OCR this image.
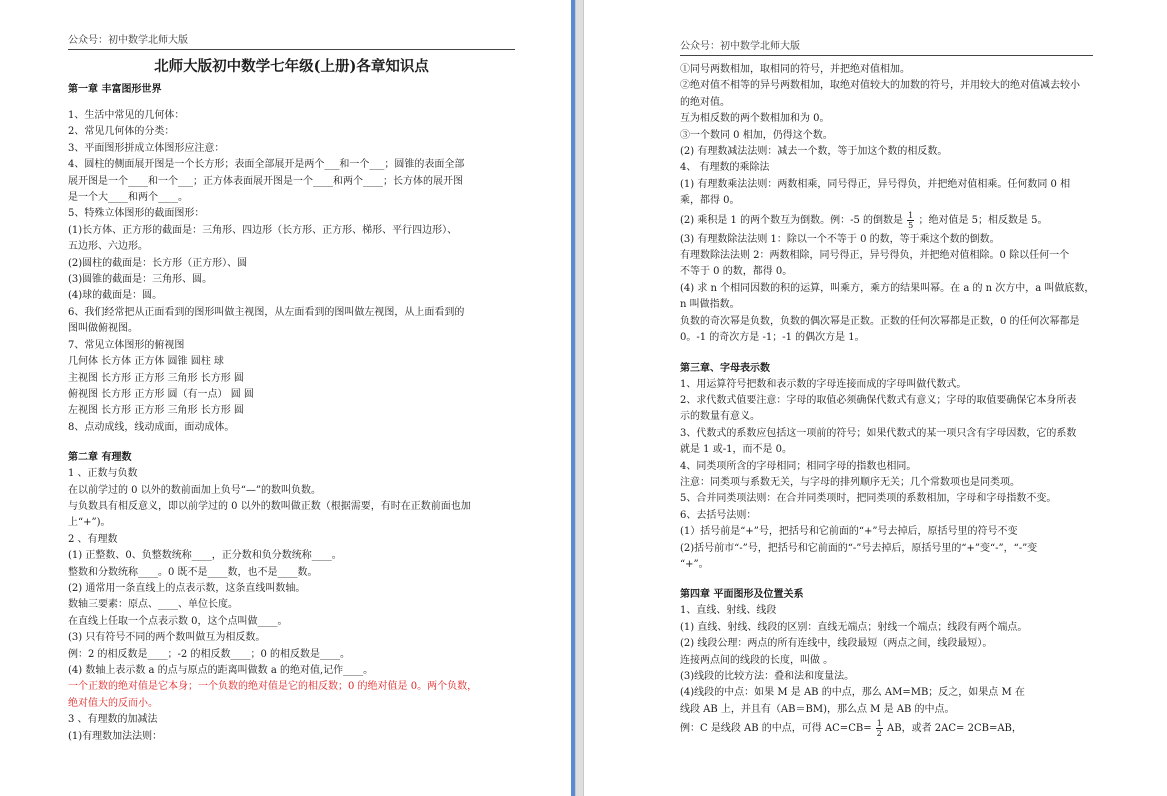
公众号：初中数学北师大版
北师大版初中数学七年级(上册)各章知识点
第一章 丰富图形世界
1、生活中常见的几何体：
2、常见几何体的分类：
3、平面图形拼成立体图形应注意：
4、圆柱的侧面展开图是一个长方形；表面全部展开是两个___和一个___；圆锥的表面全部
展开图是一个____和一个___；正方体表面展开图是一个____和两个____；长方体的展开图
是一个大____和两个____。
5、特殊立体图形的截面图形：
(1)长方体、正方形的截面是：三角形、四边形（长方形、正方形、梯形、平行四边形）、
五边形、六边形。
(2)圆柱的截面是：长方形（正方形）、圆
(3)圆锥的截面是：三角形、圆。
(4)球的截面是：圆。
6、我们经常把从正面看到的图形叫做主视图，从左面看到的图叫做左视图，从上面看到的
图叫做俯视图。
7、常见立体图形的俯视图
几何体 长方体 正方体 圆锥 圆柱 球
主视图 长方形 正方形 三角形 长方形 圆
俯视图 长方形 正方形 圆（有一点） 圆 圆
左视图 长方形 正方形 三角形 长方形 圆
8、点动成线，线动成面，面动成体。
第二章 有理数
1 、正数与负数
在以前学过的 0 以外的数前面加上负号“—”的数叫负数。
与负数具有相反意义，即以前学过的 0 以外的数叫做正数（根据需要，有时在正数前面也加
上“+”)。
2 、有理数
(1) 正整数、0、负整数统称____，正分数和负分数统称____。
整数和分数统称____。0 既不是____数，也不是____数。
(2) 通常用一条直线上的点表示数，这条直线叫数轴。
数轴三要素：原点、____、单位长度。
在直线上任取一个点表示数 0，这个点叫做____。
(3) 只有符号不同的两个数叫做互为相反数。
例：2 的相反数是____；-2 的相反数____；0 的相反数是____。
(4) 数轴上表示数 a 的点与原点的距离叫做数 a 的绝对值,记作____。
一个正数的绝对值是它本身；一个负数的绝对值是它的相反数；0 的绝对值是 0。两个负数，
绝对值大的反而小。
3 、有理数的加减法
(1)有理数加法法则：
公众号：初中数学北师大版
①同号两数相加，取相同的符号，并把绝对值相加。
②绝对值不相等的异号两数相加，取绝对值较大的加数的符号，并用较大的绝对值减去较小
的绝对值。
互为相反数的两个数相加和为 0。
③一个数同 0 相加，仍得这个数。
(2) 有理数减法法则：减去一个数，等于加这个数的相反数。
4、 有理数的乘除法
(1) 有理数乘法法则：两数相乘，同号得正，异号得负，并把绝对值相乘。任何数同 0 相
乘，都得 0。
(2) 乘积是 1 的两个数互为倒数。例：-5 的倒数是 $\frac{1}{5}$ ；绝对值是 5；相反数是 5。
(3) 有理数除法法则 1：除以一个不等于 0 的数，等于乘这个数的倒数。
有理数除法法则 2：两数相除，同号得正，异号得负，并把绝对值相除。0 除以任何一个
不等于 0 的数，都得 0。
(4) 求 n 个相同因数的积的运算，叫乘方，乘方的结果叫幂。在 a 的 n 次方中，a 叫做底数，
n 叫做指数。
负数的奇次幂是负数，负数的偶次幂是正数。正数的任何次幂都是正数，0 的任何次幂都是
0。-1 的奇次方是 -1；-1 的偶次方是 1。
第三章、字母表示数
1、用运算符号把数和表示数的字母连接而成的字母叫做代数式。
2、求代数式值要注意：字母的取值必须确保代数式有意义；字母的取值要确保它本身所表
示的数量有意义。
3、代数式的系数应包括这一项前的符号；如果代数式的某一项只含有字母因数，它的系数
就是 1 或-1，而不是 0。
4、同类项所含的字母相同；相同字母的指数也相同。
注意：同类项与系数无关，与字母的排列顺序无关；几个常数项也是同类项。
5、合并同类项法则：在合并同类项时，把同类项的系数相加，字母和字母指数不变。
6、去括号法则：
(1）括号前是“+”号，把括号和它前面的“+”号去掉后，原括号里的符号不变
(2)括号前市“-”号，把括号和它前面的“-”号去掉后，原括号里的“+”变“-”，“-”变
“+”。
第四章 平面图形及位置关系
1、直线、射线、线段
(1) 直线、射线、线段的区别：直线无端点；射线一个端点；线段有两个端点。
(2) 线段公理：两点的所有连线中，线段最短（两点之间，线段最短）。
连接两点间的线段的长度，叫做 。
(3)线段的比较方法：叠和法和度量法。
(4)线段的中点：如果 M 是 AB 的中点，那么 AM=MB；反之，如果点 M 在
线段 AB 上，并且有（AB＝BM)，那么点 M 是 AB 的中点。
例：C 是线段 AB 的中点，可得 $AC=CB= \frac{1}{2}$ AB，或者 2AC= 2CB=AB，
